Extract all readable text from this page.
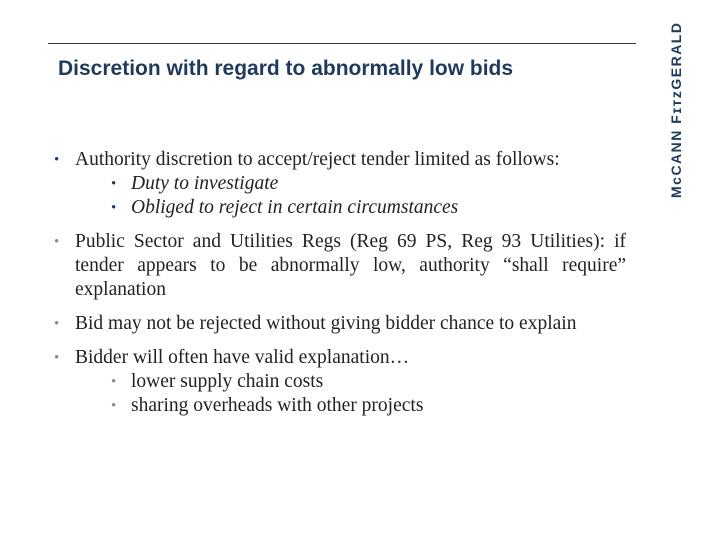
Discretion with regard to abnormally low bids	MᴄCANN FɪᴛᴢGERALD
• Authority discretion to accept/reject tender limited as follows:
• Duty to investigate
• Obliged to reject in certain circumstances
• Public Sector and Utilities Regs (Reg 69 PS, Reg 93 Utilities): if tender appears to be abnormally low, authority “shall require” explanation
• Bid may not be rejected without giving bidder chance to explain
• Bidder will often have valid explanation…
• lower supply chain costs
• sharing overheads with other projects
